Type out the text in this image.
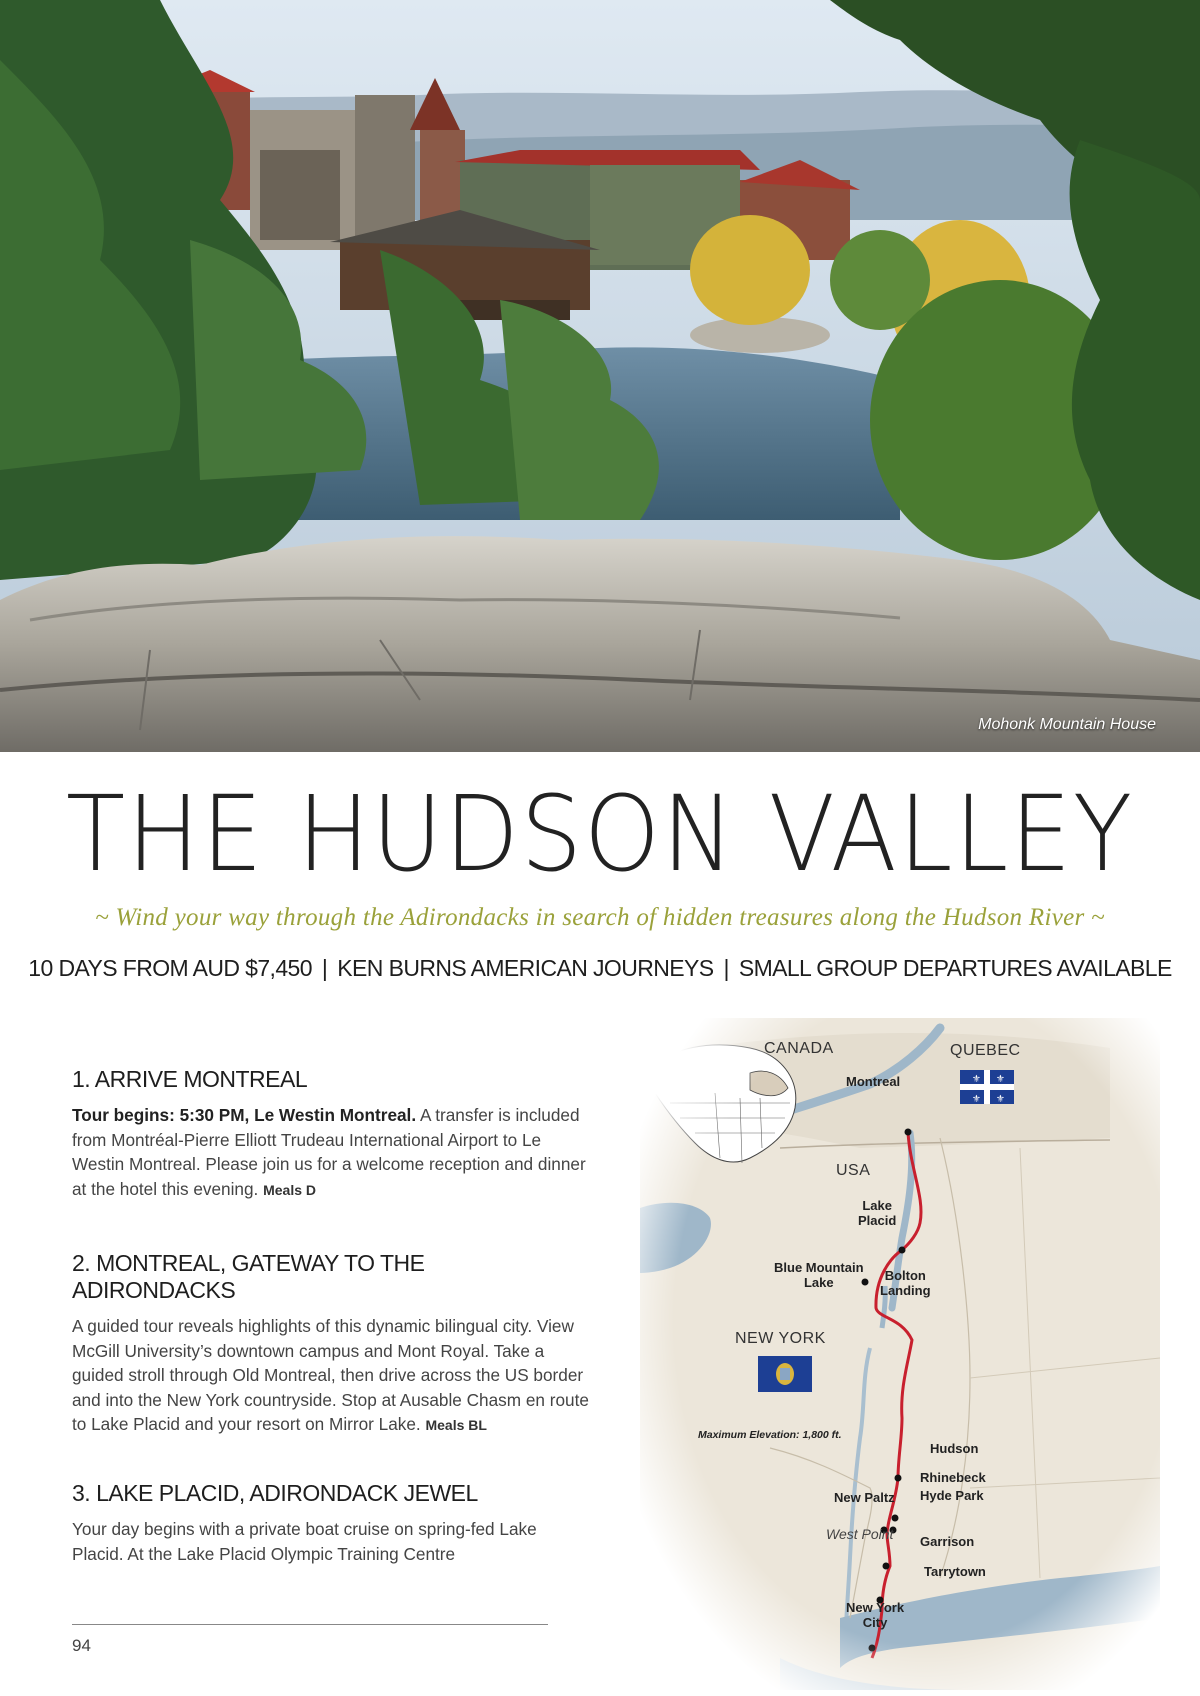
Mohonk Mountain House
THE HUDSON VALLEY
~ Wind your way through the Adirondacks in search of hidden treasures along the Hudson River ~
10 DAYS FROM AUD $7,450 | KEN BURNS AMERICAN JOURNEYS | SMALL GROUP DEPARTURES AVAILABLE
1. ARRIVE MONTREAL

Tour begins: 5:30 PM, Le Westin Montreal. A transfer is included from Montréal-Pierre Elliott Trudeau International Airport to Le Westin Montreal. Please join us for a welcome reception and dinner at the hotel this evening. Meals D

2. MONTREAL, GATEWAY TO THE ADIRONDACKS

A guided tour reveals highlights of this dynamic bilingual city. View McGill University’s downtown campus and Mont Royal. Take a guided stroll through Old Montreal, then drive across the US border and into the New York countryside. Stop at Ausable Chasm en route to Lake Placid and your resort on Mirror Lake. Meals BL

3. LAKE PLACID, ADIRONDACK JEWEL

Your day begins with a private boat cruise on spring-fed Lake Placid. At the Lake Placid Olympic Training Centre

94
CANADA	QUEBEC
USA
NEW YORK
Maximum Elevation: 1,800 ft.
Montreal
Lake
Placid
Blue Mountain
Lake	Bolton
Landing
Hudson
Rhinebeck
Hyde Park
New Paltz
West Point Garrison
Tarrytown
New York
City
